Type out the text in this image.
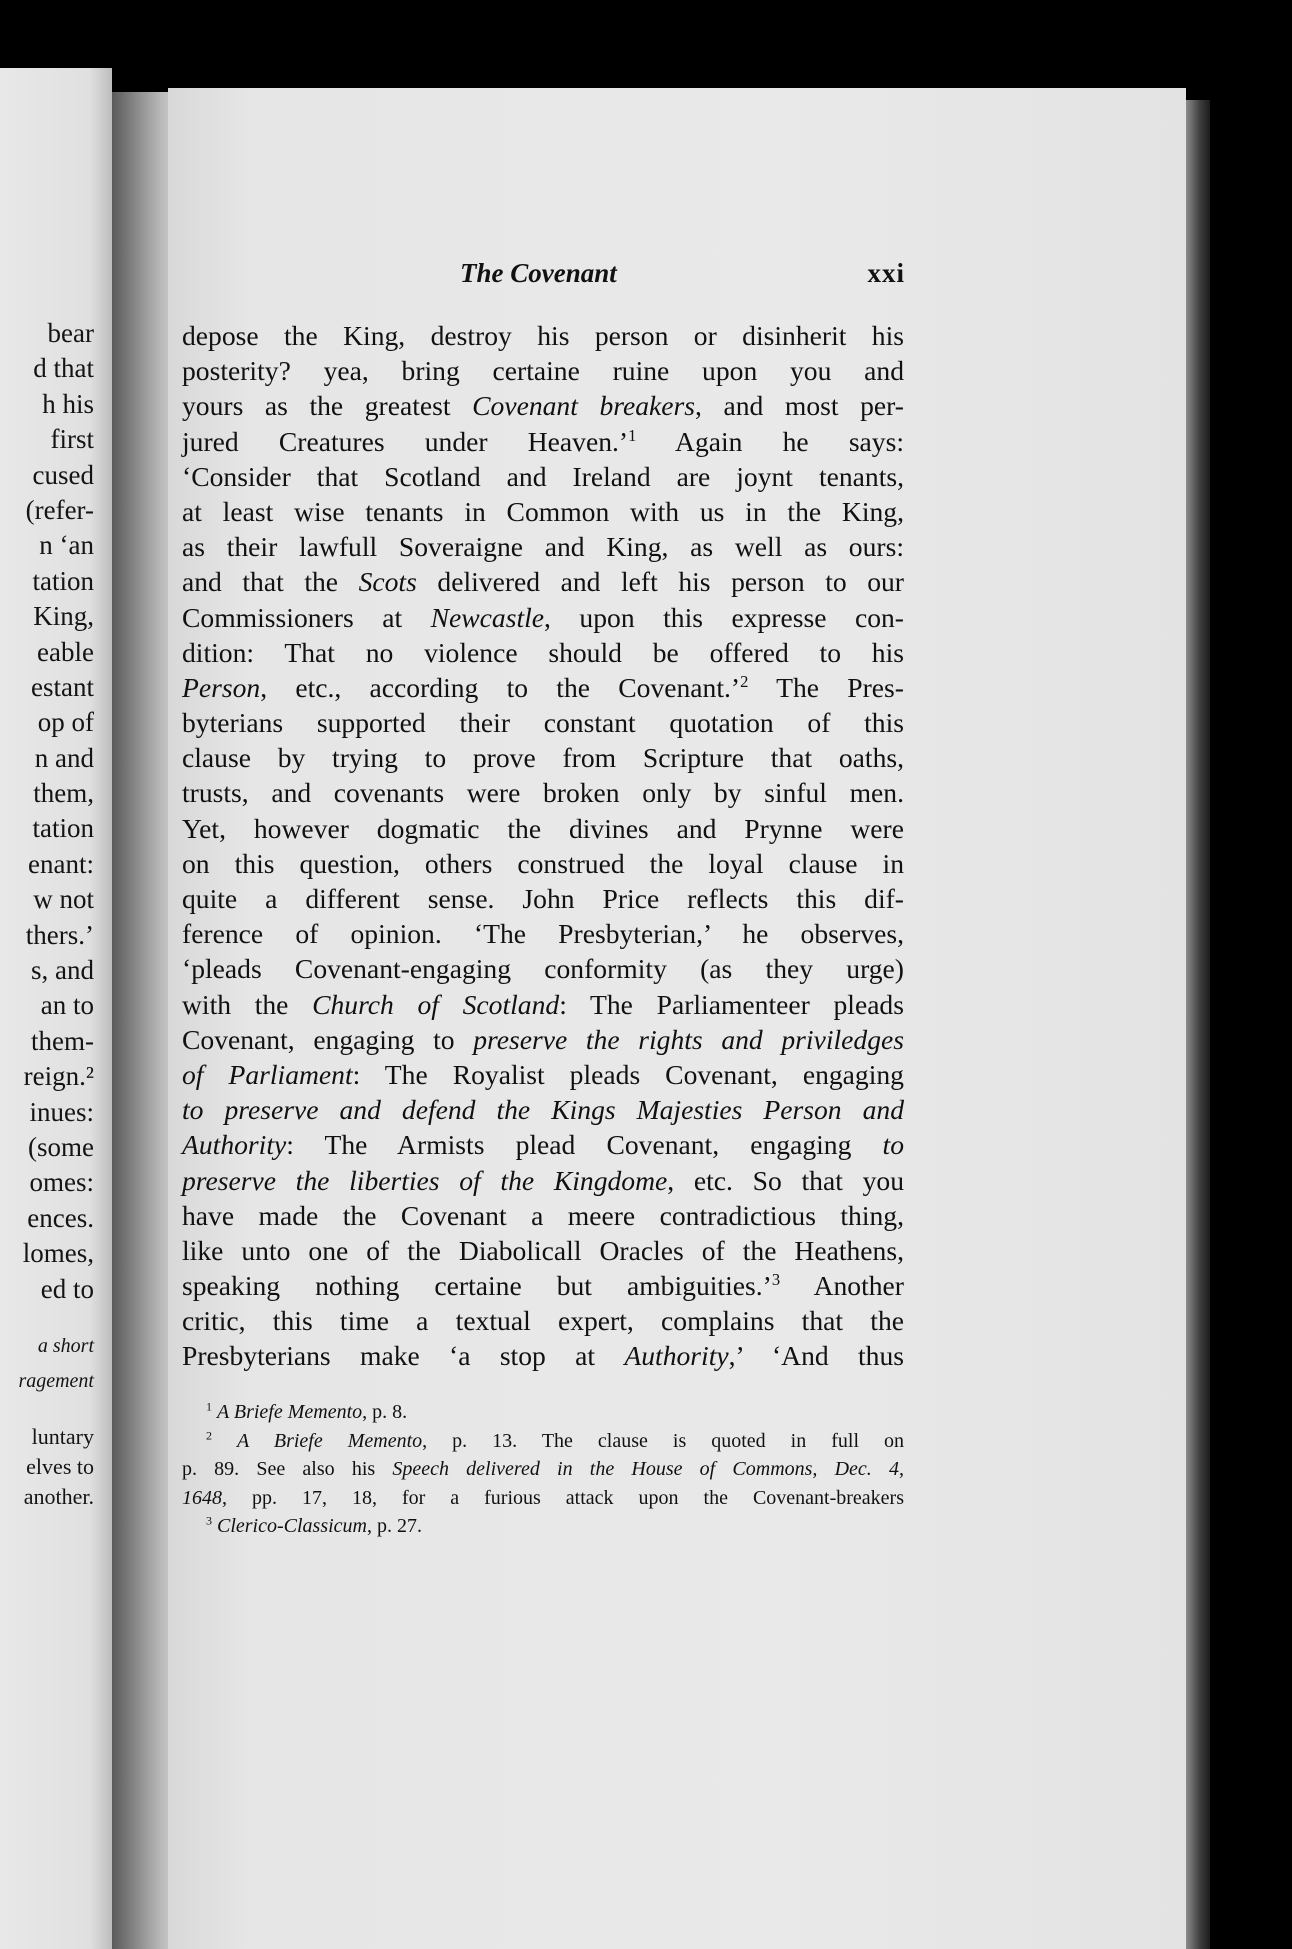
bear
d that
h his
first
cused
(refer-
n ‘an
tation
King,
eable
estant
op of
n and
them,
tation
enant:
w not
thers.’
s, and
an to
them-
reign.²
inues:
(some
omes:
ences.
lomes,
ed to
a short
ragement
luntary
elves to
another.
The Covenant	xxi
depose the King, destroy his person or disinherit his
posterity? yea, bring certaine ruine upon you and
yours as the greatest Covenant breakers, and most per-
jured Creatures under Heaven.’$^1$ Again he says:
‘Consider that Scotland and Ireland are joynt tenants,
at least wise tenants in Common with us in the King,
as their lawfull Soveraigne and King, as well as ours:
and that the Scots delivered and left his person to our
Commissioners at Newcastle, upon this expresse con-
dition: That no violence should be offered to his
Person, etc., according to the Covenant.’$^2$ The Pres-
byterians supported their constant quotation of this
clause by trying to prove from Scripture that oaths,
trusts, and covenants were broken only by sinful men.
Yet, however dogmatic the divines and Prynne were
on this question, others construed the loyal clause in
quite a different sense. John Price reflects this dif-
ference of opinion. ‘The Presbyterian,’ he observes,
‘pleads Covenant-engaging conformity (as they urge)
with the Church of Scotland: The Parliamenteer pleads
Covenant, engaging to preserve the rights and priviledges
of Parliament: The Royalist pleads Covenant, engaging
to preserve and defend the Kings Majesties Person and
Authority: The Armists plead Covenant, engaging to
preserve the liberties of the Kingdome, etc. So that you
have made the Covenant a meere contradictious thing,
like unto one of the Diabolicall Oracles of the Heathens,
speaking nothing certaine but ambiguities.’$^3$ Another
critic, this time a textual expert, complains that the
Presbyterians make ‘a stop at Authority,’ ‘And thus
$^1$ A Briefe Memento, p. 8.
$^2$ A Briefe Memento, p. 13. The clause is quoted in full on
p. 89. See also his Speech delivered in the House of Commons, Dec. 4,
1648, pp. 17, 18, for a furious attack upon the Covenant-breakers
$^3$ Clerico-Classicum, p. 27.
